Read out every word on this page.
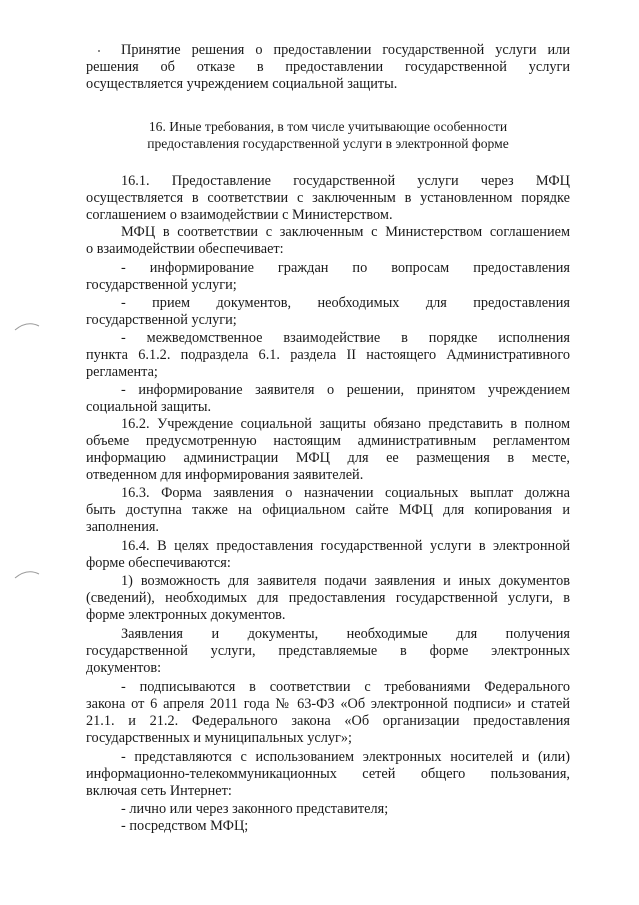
Принятие решения о предоставлении государственной услуги или
решения об отказе в предоставлении государственной услуги
осуществляется учреждением социальной защиты.
16. Иные требования, в том числе учитывающие особенности
предоставления государственной услуги в электронной форме
16.1. Предоставление государственной услуги через МФЦ
осуществляется в соответствии с заключенным в установленном порядке
соглашением о взаимодействии с Министерством.
МФЦ в соответствии с заключенным с Министерством соглашением
о взаимодействии обеспечивает:
- информирование граждан по вопросам предоставления
государственной услуги;
- прием документов, необходимых для предоставления
государственной услуги;
- межведомственное взаимодействие в порядке исполнения
пункта 6.1.2. подраздела 6.1. раздела II настоящего Административного
регламента;
- информирование заявителя о решении, принятом учреждением
социальной защиты.
16.2. Учреждение социальной защиты обязано представить в полном
объеме предусмотренную настоящим административным регламентом
информацию администрации МФЦ для ее размещения в месте,
отведенном для информирования заявителей.
16.3. Форма заявления о назначении социальных выплат должна
быть доступна также на официальном сайте МФЦ для копирования и
заполнения.
16.4. В целях предоставления государственной услуги в электронной
форме обеспечиваются:
1) возможность для заявителя подачи заявления и иных документов
(сведений), необходимых для предоставления государственной услуги, в
форме электронных документов.
Заявления и документы, необходимые для получения
государственной услуги, представляемые в форме электронных
документов:
- подписываются в соответствии с требованиями Федерального
закона от 6 апреля 2011 года № 63-ФЗ «Об электронной подписи» и статей
21.1. и 21.2. Федерального закона «Об организации предоставления
государственных и муниципальных услуг»;
- представляются с использованием электронных носителей и (или)
информационно-телекоммуникационных сетей общего пользования,
включая сеть Интернет:
- лично или через законного представителя;
- посредством МФЦ;
